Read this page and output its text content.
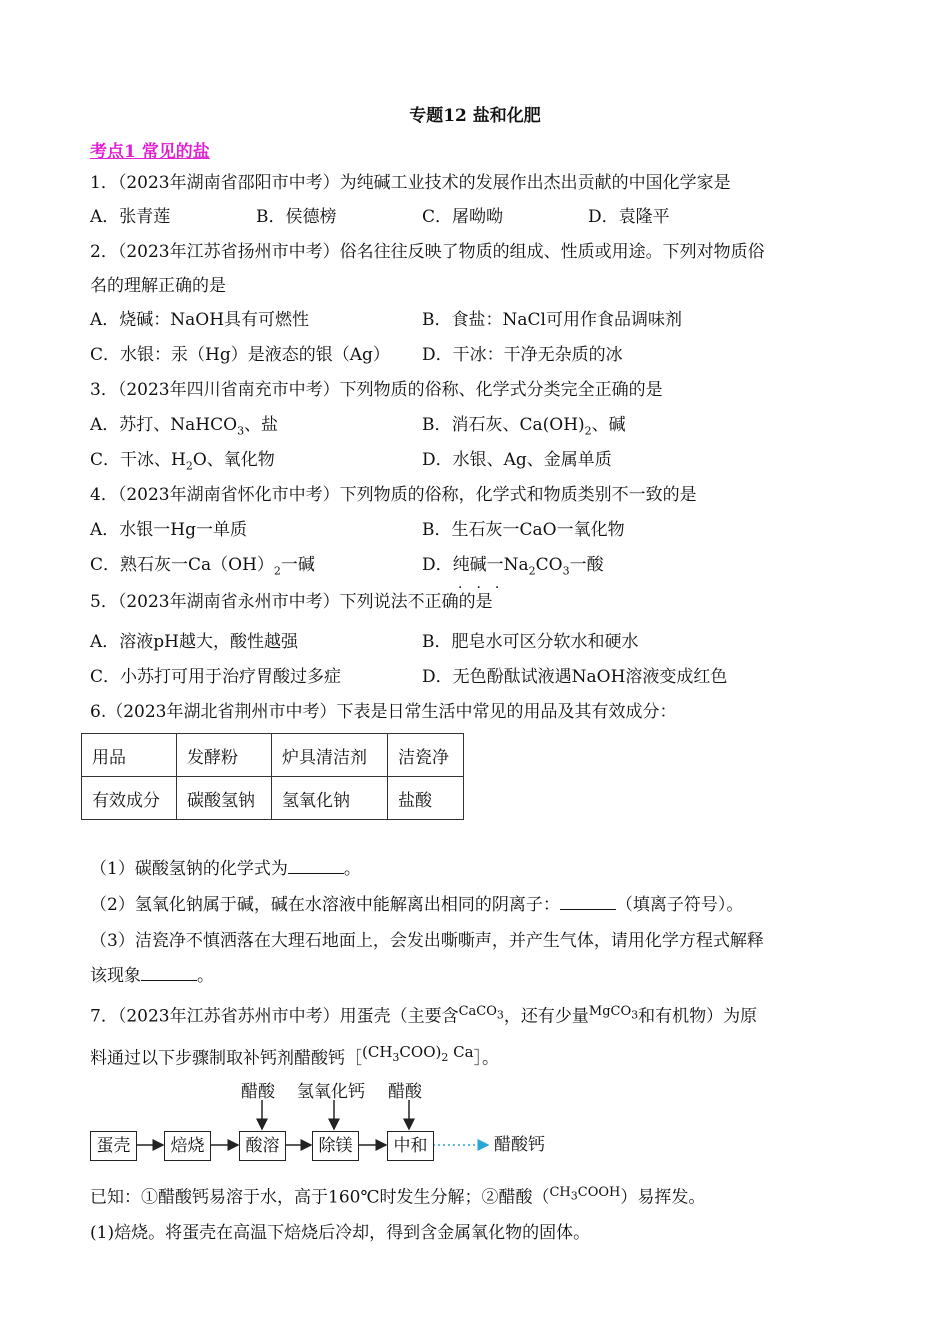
专题12 盐和化肥
考点1 常见的盐
1．（2023年湖南省邵阳市中考）为纯碱工业技术的发展作出杰出贡献的中国化学家是
A．张青莲	B．侯德榜	C．屠呦呦	D．袁隆平
2．（2023年江苏省扬州市中考）俗名往往反映了物质的组成、性质或用途。下列对物质俗
名的理解正确的是
A．烧碱：NaOH具有可燃性	B．食盐：NaCl可用作食品调味剂
C．水银：汞（Hg）是液态的银（Ag） D．干冰：干净无杂质的冰
3．（2023年四川省南充市中考）下列物质的俗称、化学式分类完全正确的是
A．苏打、NaHCO$_3$、盐	B．消石灰、$Ca(OH)_2$、碱
C．干冰、$H_2O$、氧化物	D．水银、Ag、金属单质
4．（2023年湖南省怀化市中考）下列物质的俗称，化学式和物质类别不一致的是
A．水银一Hg一单质	B．生石灰一CaO一氧化物
C．熟石灰一$Ca(OH)_2$一碱	D．纯碱一$Na_2CO_3$一酸
···
5．（2023年湖南省永州市中考）下列说法不正确的是
A．溶液pH越大，酸性越强	B．肥皂水可区分软水和硬水
C．小苏打可用于治疗胃酸过多症	D．无色酚酞试液遇NaOH溶液变成红色
6.（2023年湖北省荆州市中考）下表是日常生活中常见的用品及其有效成分：
用品	发酵粉	炉具清洁剂	洁瓷净
有效成分	碳酸氢钠	氢氧化钠	盐酸
（1）碳酸氢钠的化学式为	。
（2）氢氧化钠属于碱，碱在水溶液中能解离出相同的阴离子：	（填离子符号）。
（3）洁瓷净不慎洒落在大理石地面上，会发出嘶嘶声，并产生气体，请用化学方程式解释
该现象	。
7．（2023年江苏省苏州市中考）用蛋壳（主要含$^{CaCO_3}$，还有少量$^{MgCO_3}$和有机物）为原
料通过以下步骤制取补钙剂醋酸钙$[(CH_3COO)_2$ Ca］。
醋酸 氢氧化钙 醋酸
蛋壳	焙烧	酸溶	除镁	中和	醋酸钙
已知：①醋酸钙易溶于水，高于160℃时发生分解；②醋酸（$^{CH_3COOH}$）易挥发。
(1)焙烧。将蛋壳在高温下焙烧后冷却，得到含金属氧化物的固体。
